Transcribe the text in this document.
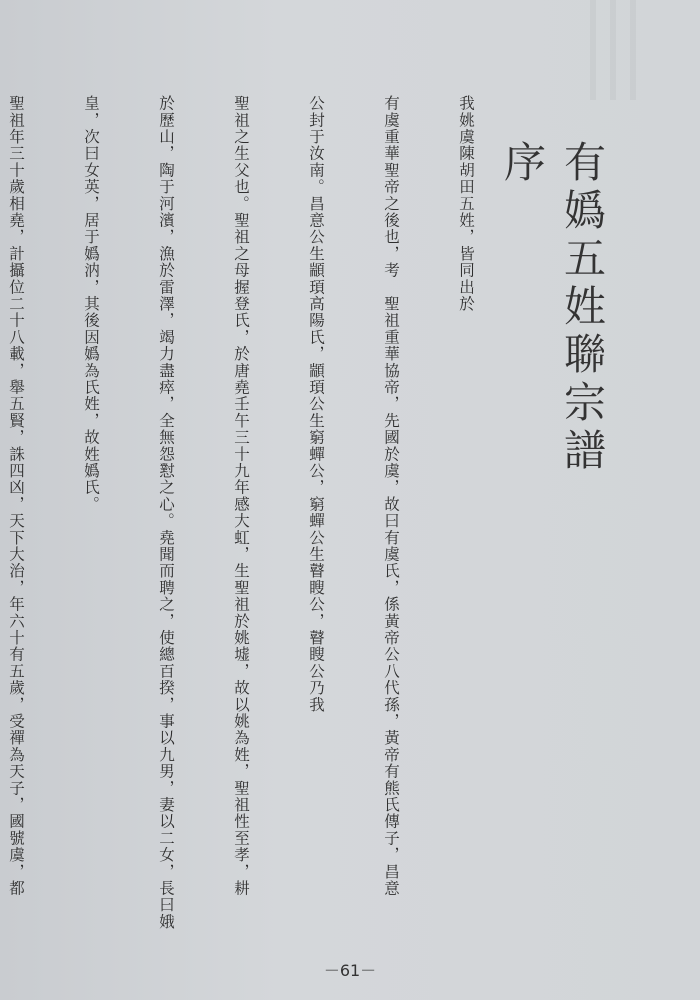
有嬀五姓聯宗譜序

我姚虞陳胡田五姓，皆同出於

有虞重華聖帝之後也，考　聖祖重華協帝，先國於虞，故曰有虞氏，係黃帝公八代孫，黃帝有熊氏傳子，昌意

公封于汝南。昌意公生顓頊高陽氏，顓頊公生窮蟬公，窮蟬公生瞽瞍公，瞽瞍公乃我

聖祖之生父也。聖祖之母握登氏，於唐堯壬午三十九年感大虹，生聖祖於姚墟，故以姚為姓，聖祖性至孝，耕

於歷山，陶于河濱，漁於雷澤，竭力盡瘁，全無怨懟之心。堯聞而聘之，使總百揆，事以九男，妻以二女，長曰娥

皇，次曰女英，居于嬀汭，其後因嬀為氏姓，故姓嬀氏。

聖祖年三十歲相堯，計攝位二十八載，舉五賢，誅四凶，天下大治，年六十有五歲，受禪為天子，國號虞，都

－61－
